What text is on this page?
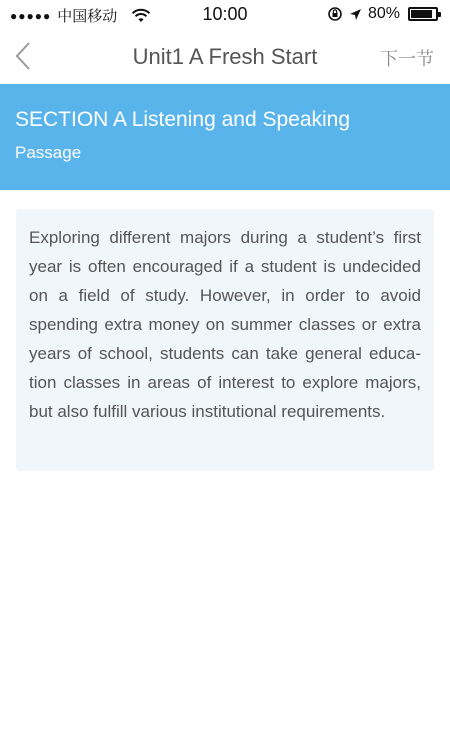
●●●●● 中国移动	10:00	80%
Unit1 A Fresh Start	下一节
SECTION A Listening and Speaking
Passage

Exploring different majors during a student’s first year is often encouraged if a student is undecided on a field of study. However, in order to avoid spending extra money on summer classes or extra years of school, students can take general educa-tion classes in areas of interest to explore majors, but also fulfill various institutional requirements.
